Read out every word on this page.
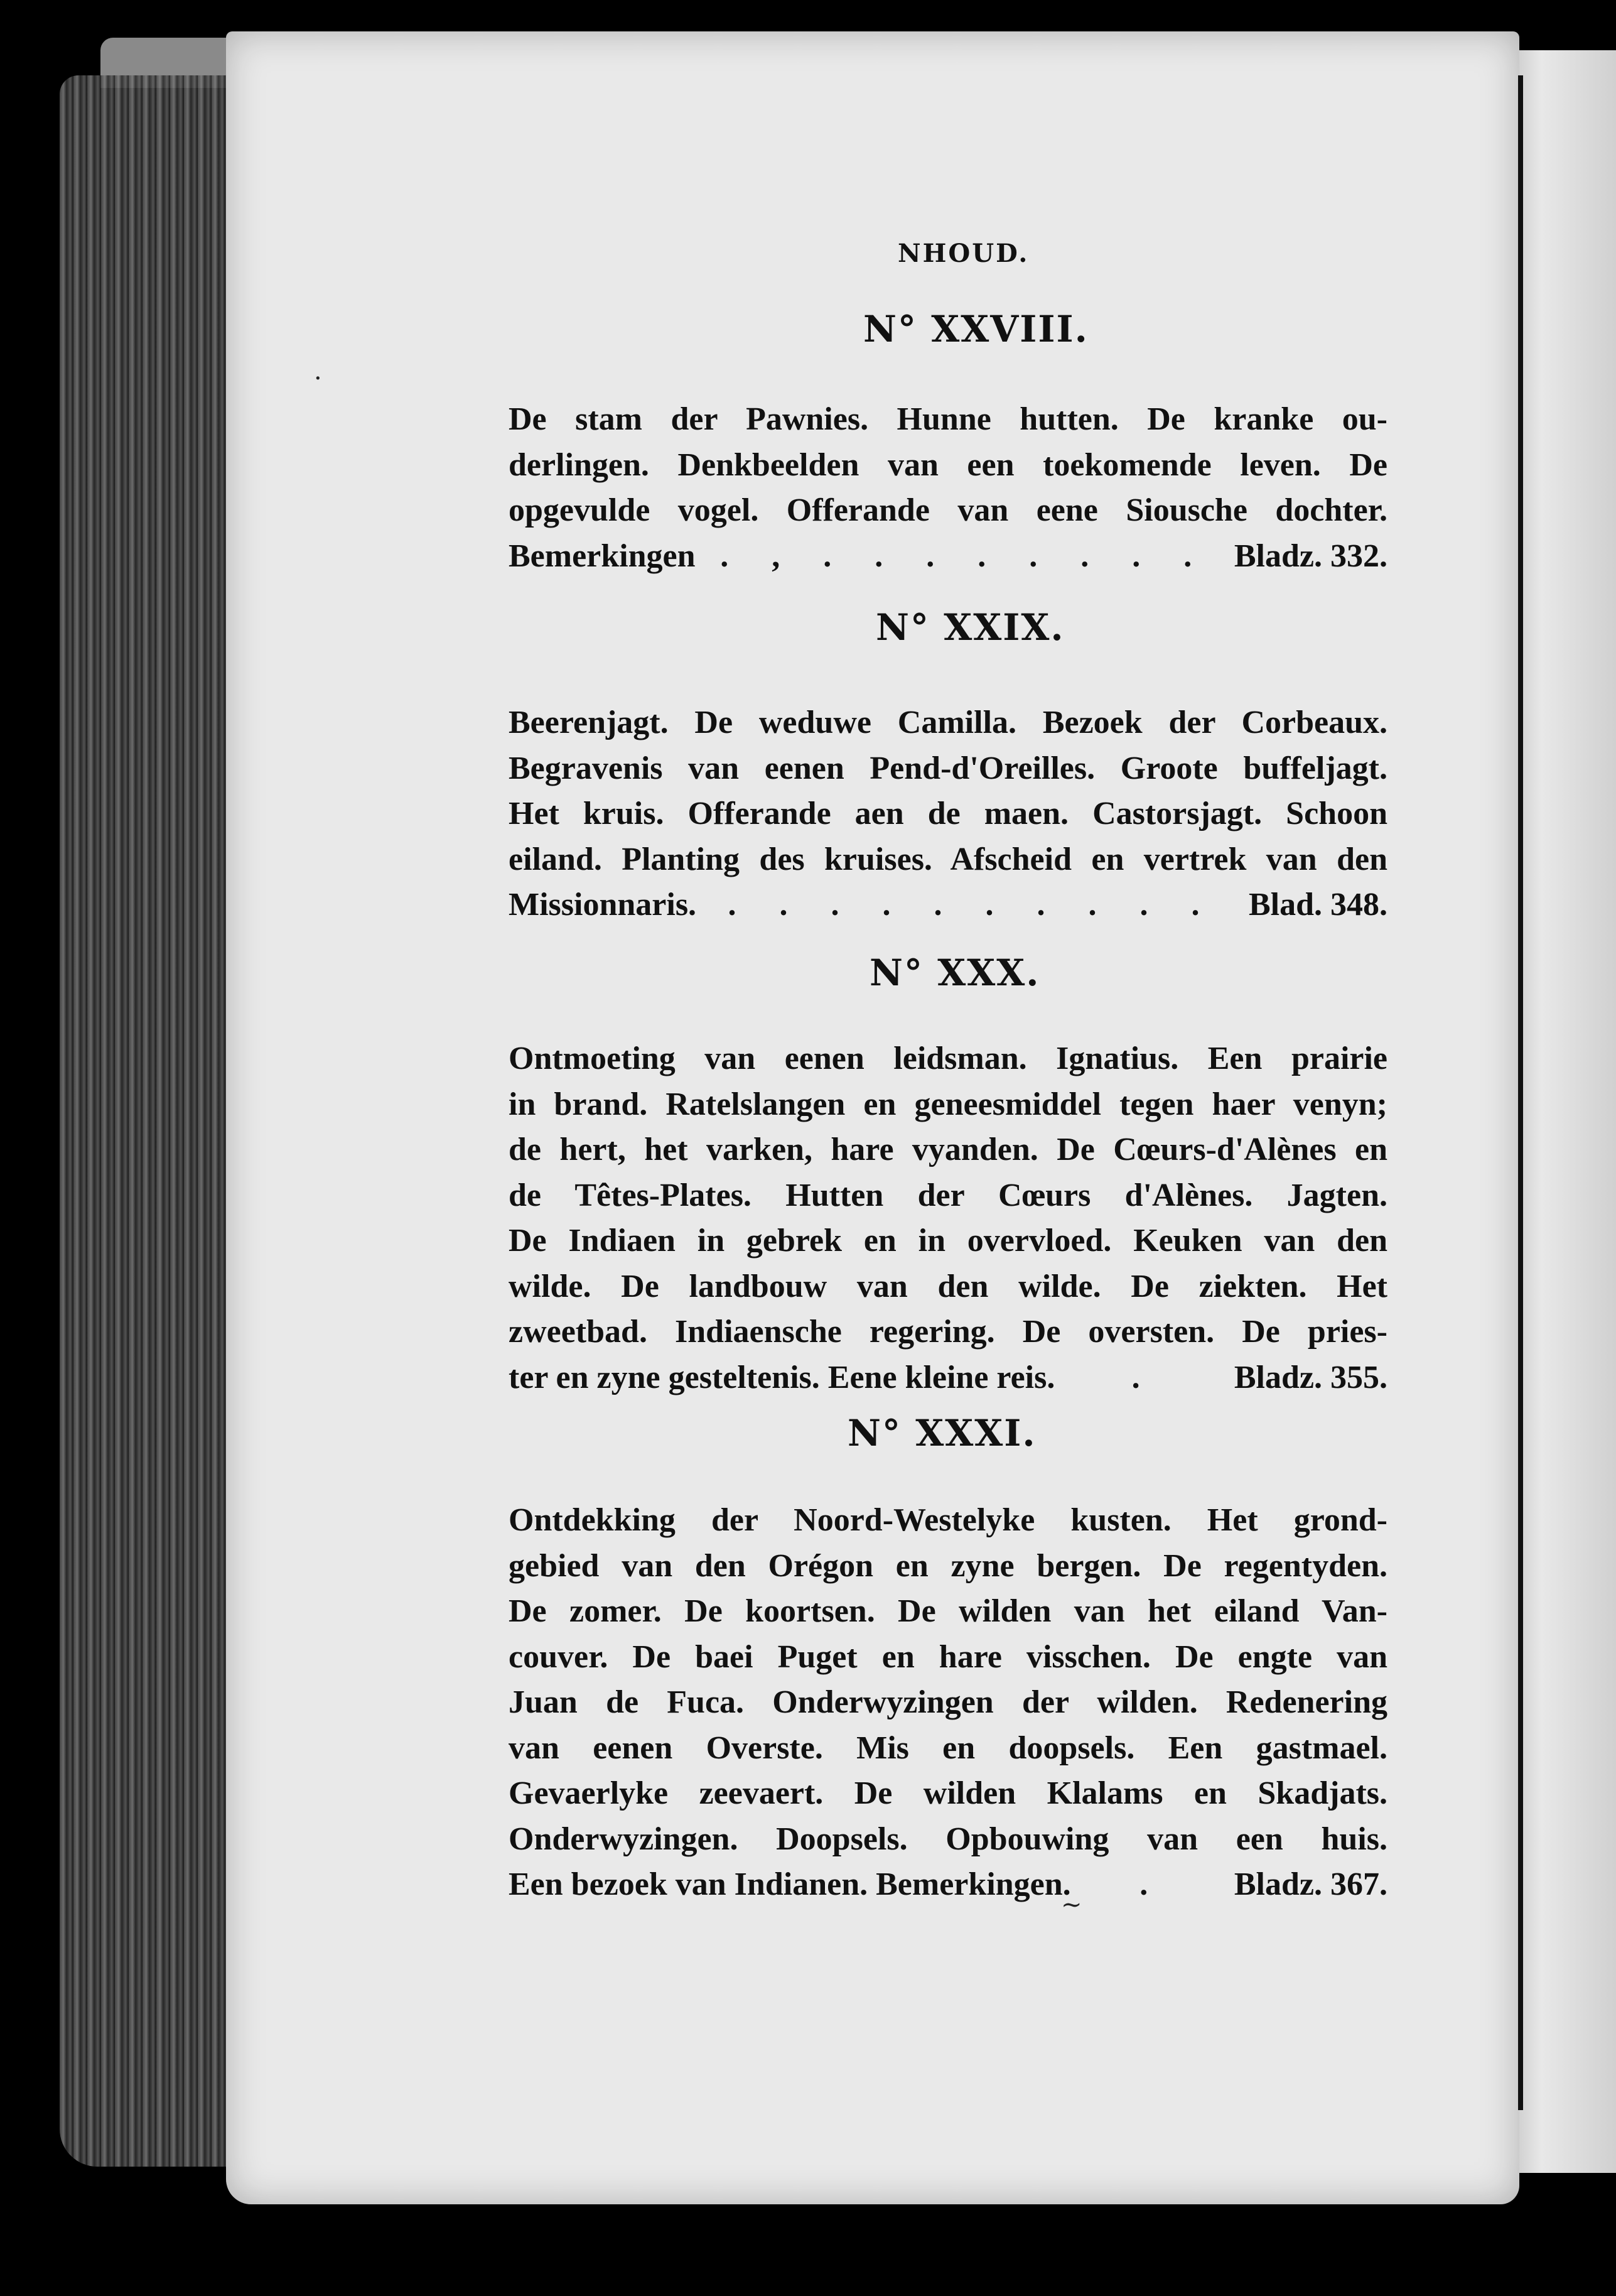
NHOUD.
N° XXVIII.
De stam der Pawnies. Hunne hutten. De kranke ou-
derlingen. Denkbeelden van een toekomende leven. De
opgevulde vogel. Offerande van eene Siousche dochter.
Bemerkingen . , . . . . . . . . Bladz. 332.
N° XXIX.
Beerenjagt. De weduwe Camilla. Bezoek der Corbeaux.
Begravenis van eenen Pend-d'Oreilles. Groote buffeljagt.
Het kruis. Offerande aen de maen. Castorsjagt. Schoon
eiland. Planting des kruises. Afscheid en vertrek van den
Missionnaris. . . . . . . . . . . Blad. 348.
N° XXX.
Ontmoeting van eenen leidsman. Ignatius. Een prairie
in brand. Ratelslangen en geneesmiddel tegen haer venyn;
de hert, het varken, hare vyanden. De Cœurs-d'Alènes en
de Têtes-Plates. Hutten der Cœurs d'Alènes. Jagten.
De Indiaen in gebrek en in overvloed. Keuken van den
wilde. De landbouw van den wilde. De ziekten. Het
zweetbad. Indiaensche regering. De oversten. De pries-
ter en zyne gesteltenis. Eene kleine reis.	.	Bladz. 355.
N° XXXI.
Ontdekking der Noord-Westelyke kusten. Het grond-
gebied van den Orégon en zyne bergen. De regentyden.
De zomer. De koortsen. De wilden van het eiland Van-
couver. De baei Puget en hare visschen. De engte van
Juan de Fuca. Onderwyzingen der wilden. Redenering
van eenen Overste. Mis en doopsels. Een gastmael.
Gevaerlyke zeevaert. De wilden Klalams en Skadjats.
Onderwyzingen. Doopsels. Opbouwing van een huis.
Een bezoek van Indianen. Bemerkingen.	.	Bladz. 367.
·
~
